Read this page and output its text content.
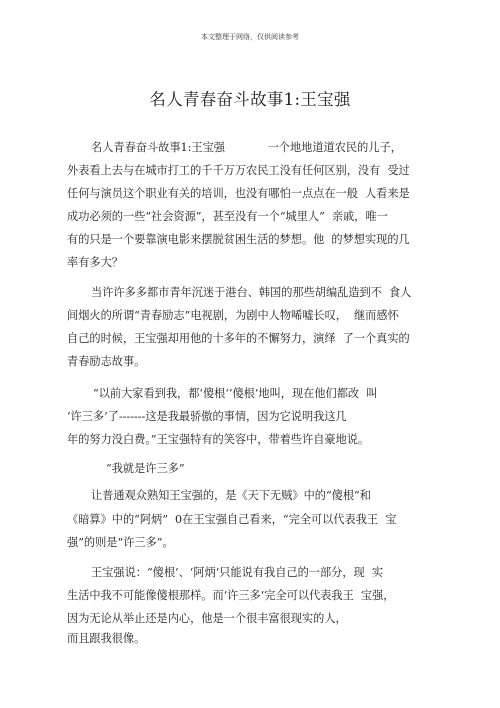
本文整理于网络，仅供阅读参考
名人青春奋斗故事1:王宝强
名人青春奋斗故事1:王宝强            一个地地道道农民的儿子，
外表看上去与在城市打工的千千万万农民工没有任何区别，没有  受过
任何与演员这个职业有关的培训，也没有哪怕一点点在一般  人看来是
成功必须的一些“社会资源”，甚至没有一个“城里人”  亲戚，唯一
有的只是一个要靠演电影来摆脱贫困生活的梦想。他  的梦想实现的几
率有多大？
当许许多多都市青年沉迷于港台、韩国的那些胡编乱造到不  食人
间烟火的所谓“青春励志”电视剧，为剧中人物唏嘘长叹，  继而感怀
自己的时候，王宝强却用他的十多年的不懈努力，演绎  了一个真实的
青春励志故事。
“以前大家看到我，都‘傻根‘‘傻根’地叫，现在他们都改  叫
‘许三多’了-------这是我最骄傲的事情，因为它说明我这几
年的努力没白费。”王宝强特有的笑容中，带着些许自豪地说。
“我就是许三多”
让普通观众熟知王宝强的，是《天下无贼》中的“傻根”和
《暗算》中的“阿炳”  0在王宝强自己看来，“完全可以代表我王  宝
强”的则是“许三多”。
王宝强说：“傻根‘、‘阿炳‘只能说有我自己的一部分，现  实
生活中我不可能像傻根那样。而‘许三多‘完全可以代表我王  宝强，
因为无论从举止还是内心，他是一个很丰富很现实的人，
而且跟我很像。
